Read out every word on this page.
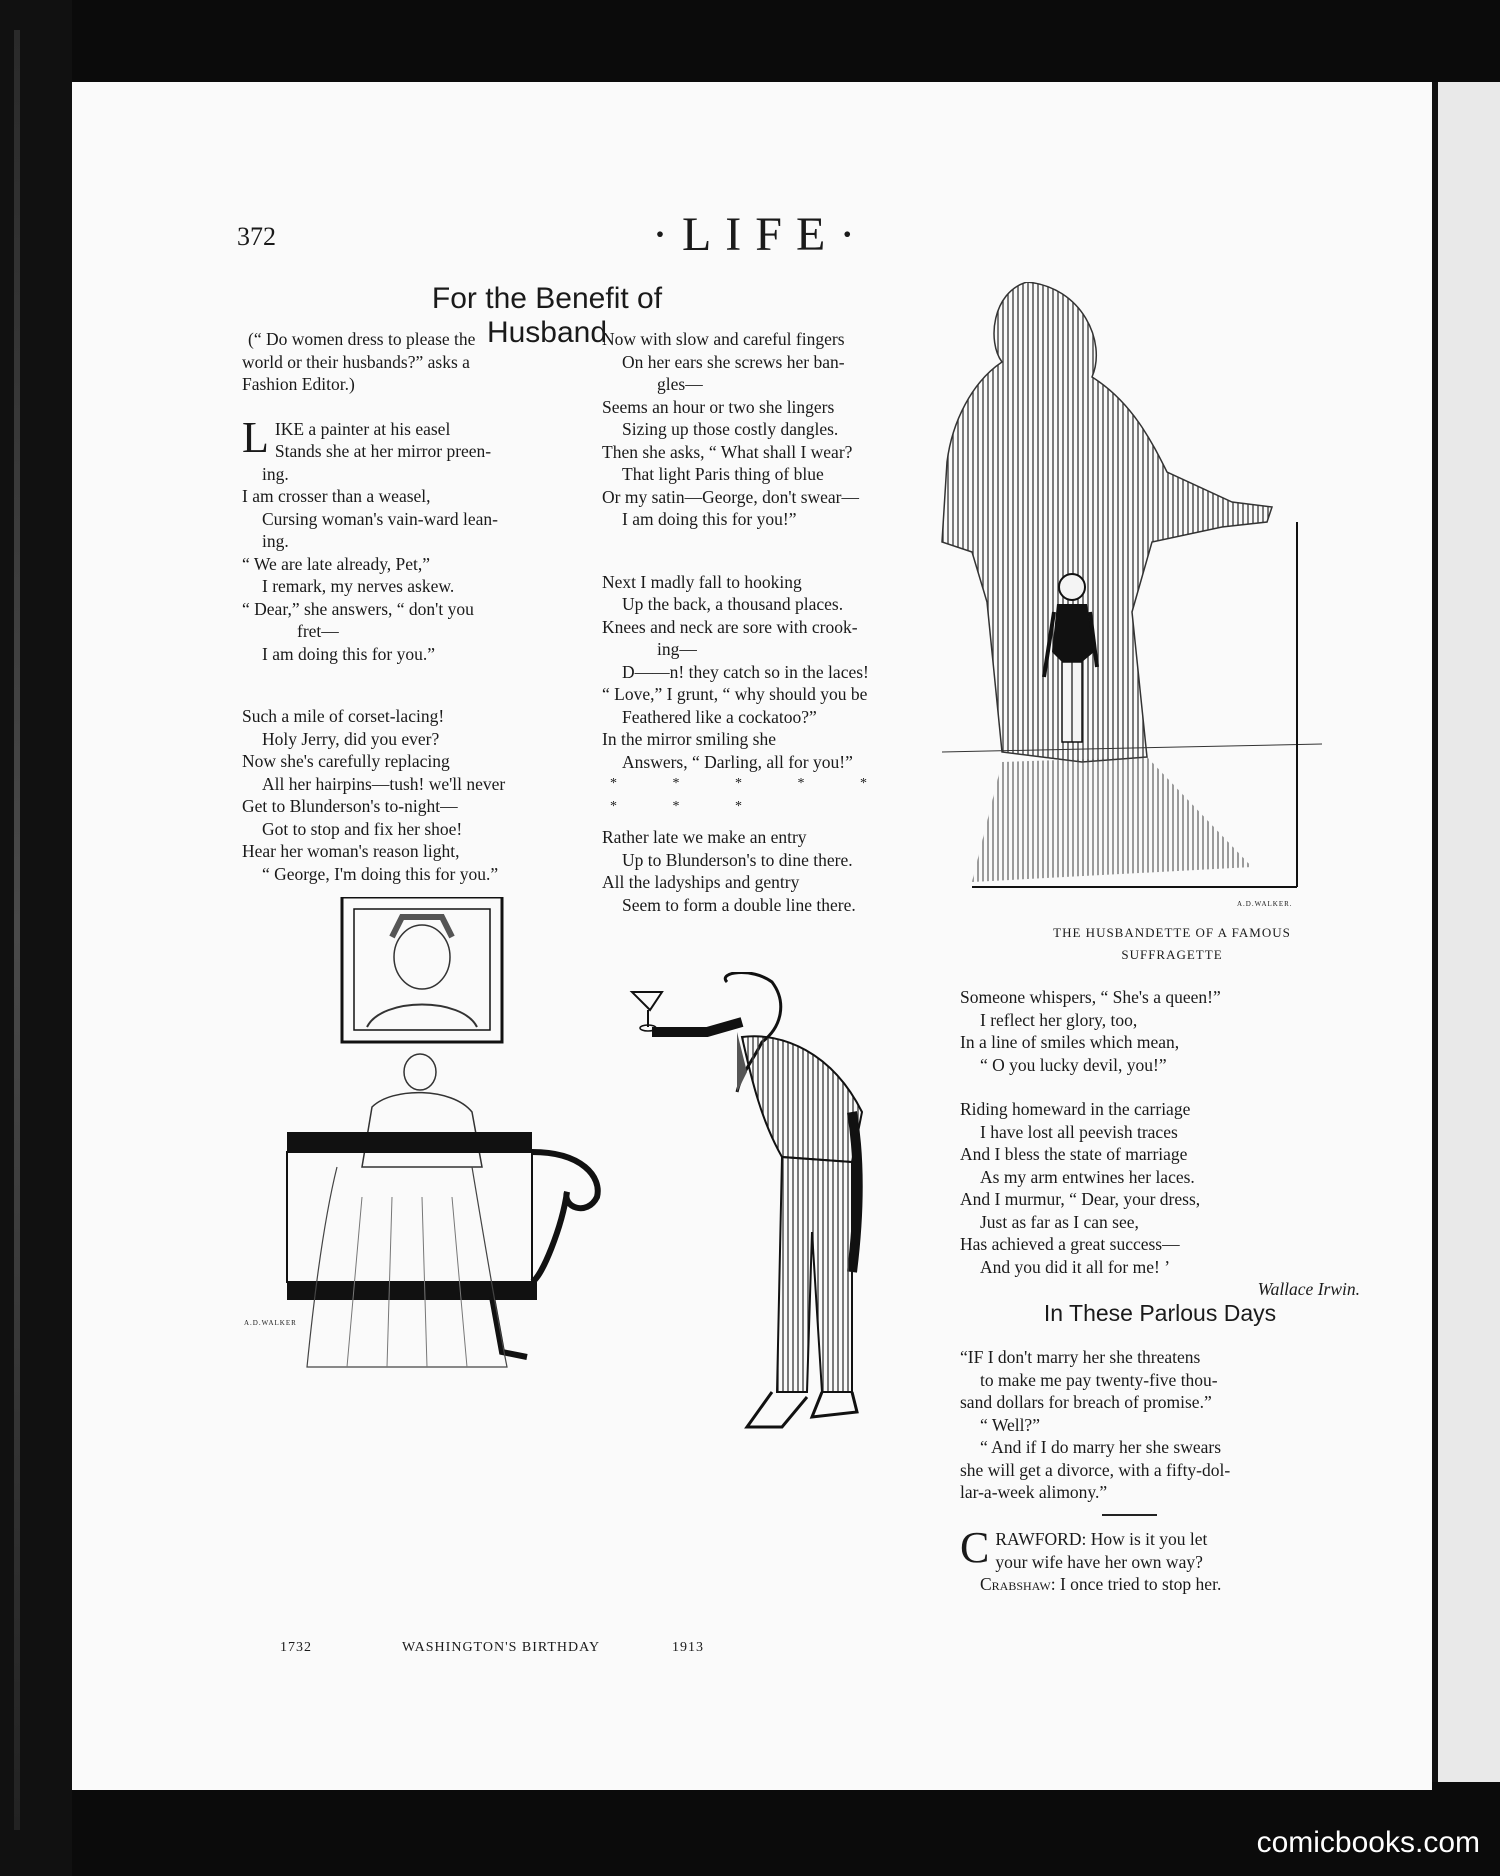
372	·LIFE·
For the Benefit of Husband

(“ Do women dress to please the

world or their husbands?” asks a

Fashion Editor.)

LIKE a painter at his easel

Stands she at her mirror preen-

ing.

I am crosser than a weasel,

Cursing woman's vain-ward lean-

ing.

“ We are late already, Pet,”

I remark, my nerves askew.

“ Dear,” she answers, “ don't you

fret—

I am doing this for you.”

Such a mile of corset-lacing!

Holy Jerry, did you ever?

Now she's carefully replacing

All her hairpins—tush! we'll never

Get to Blunderson's to-night—

Got to stop and fix her shoe!

Hear her woman's reason light,

“ George, I'm doing this for you.”

Now with slow and careful fingers

On her ears she screws her ban-

gles—

Seems an hour or two she lingers

Sizing up those costly dangles.

Then she asks, “ What shall I wear?

That light Paris thing of blue

Or my satin—George, don't swear—

I am doing this for you!”

Next I madly fall to hooking

Up the back, a thousand places.

Knees and neck are sore with crook-

ing—

D——n! they catch so in the laces!

“ Love,” I grunt, “ why should you be

Feathered like a cockatoo?”

In the mirror smiling she

Answers, “ Darling, all for you!”

* * * * * * * *

Rather late we make an entry

Up to Blunderson's to dine there.

All the ladyships and gentry

Seem to form a double line there.	A.D.WALKER.
THE HUSBANDETTE OF A FAMOUS
SUFFRAGETTE
A.D.WALKER

Someone whispers, “ She's a queen!”

I reflect her glory, too,

In a line of smiles which mean,

“ O you lucky devil, you!”

Riding homeward in the carriage

I have lost all peevish traces

And I bless the state of marriage

As my arm entwines her laces.

And I murmur, “ Dear, your dress,

Just as far as I can see,

Has achieved a great success—

And you did it all for me! ’

Wallace Irwin.

In These Parlous Days

“IF I don't marry her she threatens

to make me pay twenty-five thou-

sand dollars for breach of promise.”

“ Well?”

“ And if I do marry her she swears

she will get a divorce, with a fifty-dol-

lar-a-week alimony.”

CRAWFORD: How is it you let

your wife have her own way?

Crabshaw: I once tried to stop her.

1732	WASHINGTON'S BIRTHDAY	1913
comicbooks.com
